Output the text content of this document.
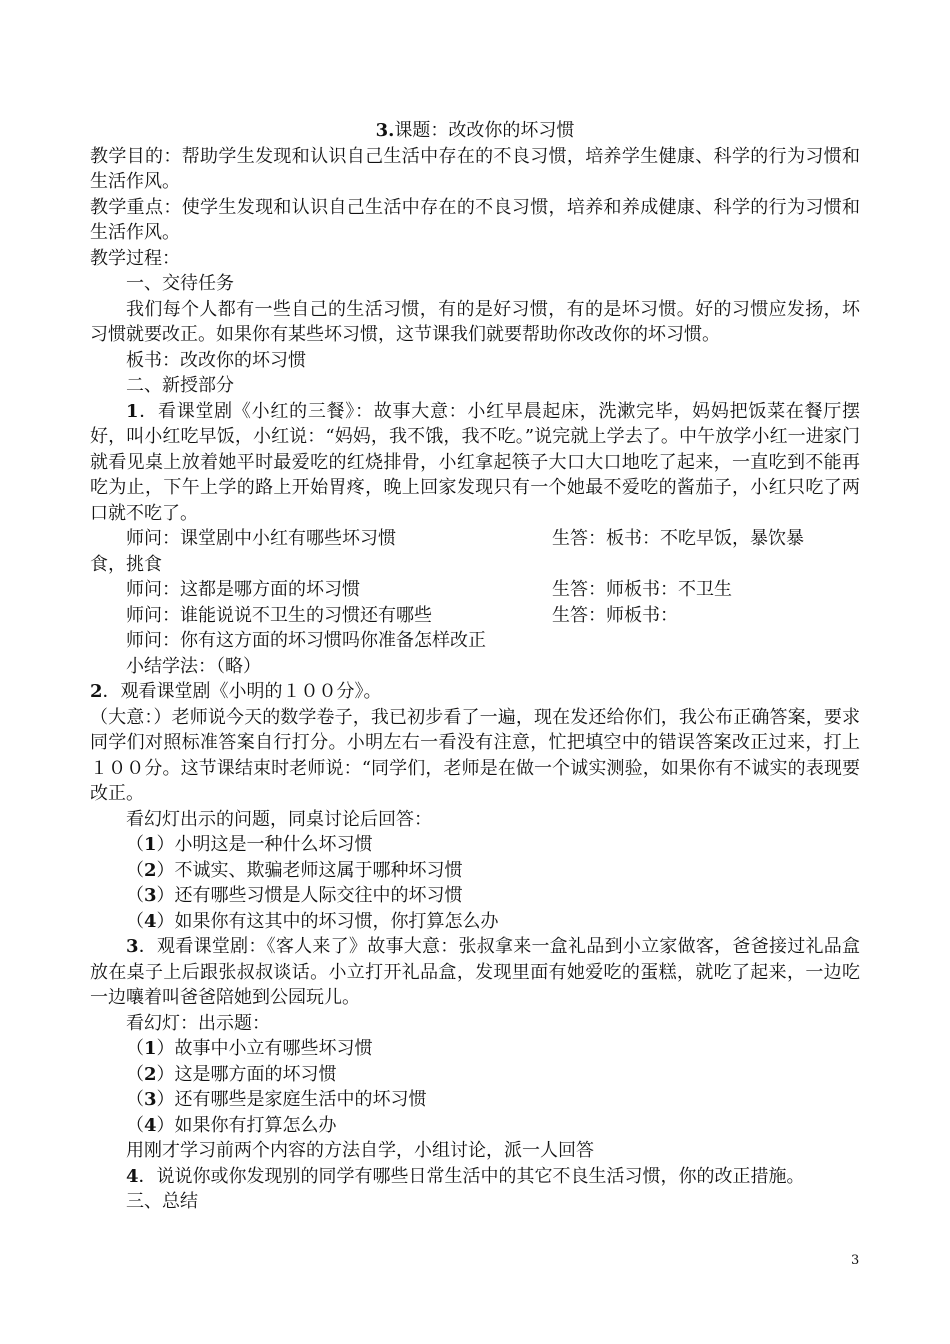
3.课题：改改你的坏习惯

教学目的：帮助学生发现和认识自己生活中存在的不良习惯，培养学生健康、科学的行为习惯和生活作风。

教学重点：使学生发现和认识自己生活中存在的不良习惯，培养和养成健康、科学的行为习惯和生活作风。

教学过程：

一、交待任务

我们每个人都有一些自己的生活习惯，有的是好习惯，有的是坏习惯。好的习惯应发扬，坏习惯就要改正。如果你有某些坏习惯，这节课我们就要帮助你改改你的坏习惯。

板书：改改你的坏习惯

二、新授部分

1．看课堂剧《小红的三餐》：故事大意：小红早晨起床，洗漱完毕，妈妈把饭菜在餐厅摆好，叫小红吃早饭，小红说：“妈妈，我不饿，我不吃。”说完就上学去了。中午放学小红一进家门就看见桌上放着她平时最爱吃的红烧排骨，小红拿起筷子大口大口地吃了起来，一直吃到不能再吃为止，下午上学的路上开始胃疼，晚上回家发现只有一个她最不爱吃的酱茄子，小红只吃了两口就不吃了。

师问：课堂剧中小红有哪些坏习惯	生答：板书：不吃早饭，暴饮暴

食，挑食

师问：这都是哪方面的坏习惯	生答：师板书：不卫生
师问：谁能说说不卫生的习惯还有哪些	生答：师板书：

师问：你有这方面的坏习惯吗你准备怎样改正

小结学法：（略）

2．观看课堂剧《小明的１００分》。

（大意：）老师说今天的数学卷子，我已初步看了一遍，现在发还给你们，我公布正确答案，要求同学们对照标准答案自行打分。小明左右一看没有注意，忙把填空中的错误答案改正过来，打上１００分。这节课结束时老师说：“同学们，老师是在做一个诚实测验，如果你有不诚实的表现要改正。

看幻灯出示的问题，同桌讨论后回答：

（1）小明这是一种什么坏习惯

（2）不诚实、欺骗老师这属于哪种坏习惯

（3）还有哪些习惯是人际交往中的坏习惯

（4）如果你有这其中的坏习惯，你打算怎么办

3．观看课堂剧：《客人来了》故事大意：张叔拿来一盒礼品到小立家做客，爸爸接过礼品盒放在桌子上后跟张叔叔谈话。小立打开礼品盒，发现里面有她爱吃的蛋糕，就吃了起来，一边吃一边嚷着叫爸爸陪她到公园玩儿。

看幻灯：出示题：

（1）故事中小立有哪些坏习惯

（2）这是哪方面的坏习惯

（3）还有哪些是家庭生活中的坏习惯

（4）如果你有打算怎么办

用刚才学习前两个内容的方法自学，小组讨论，派一人回答

4．说说你或你发现别的同学有哪些日常生活中的其它不良生活习惯，你的改正措施。

三、总结

3
